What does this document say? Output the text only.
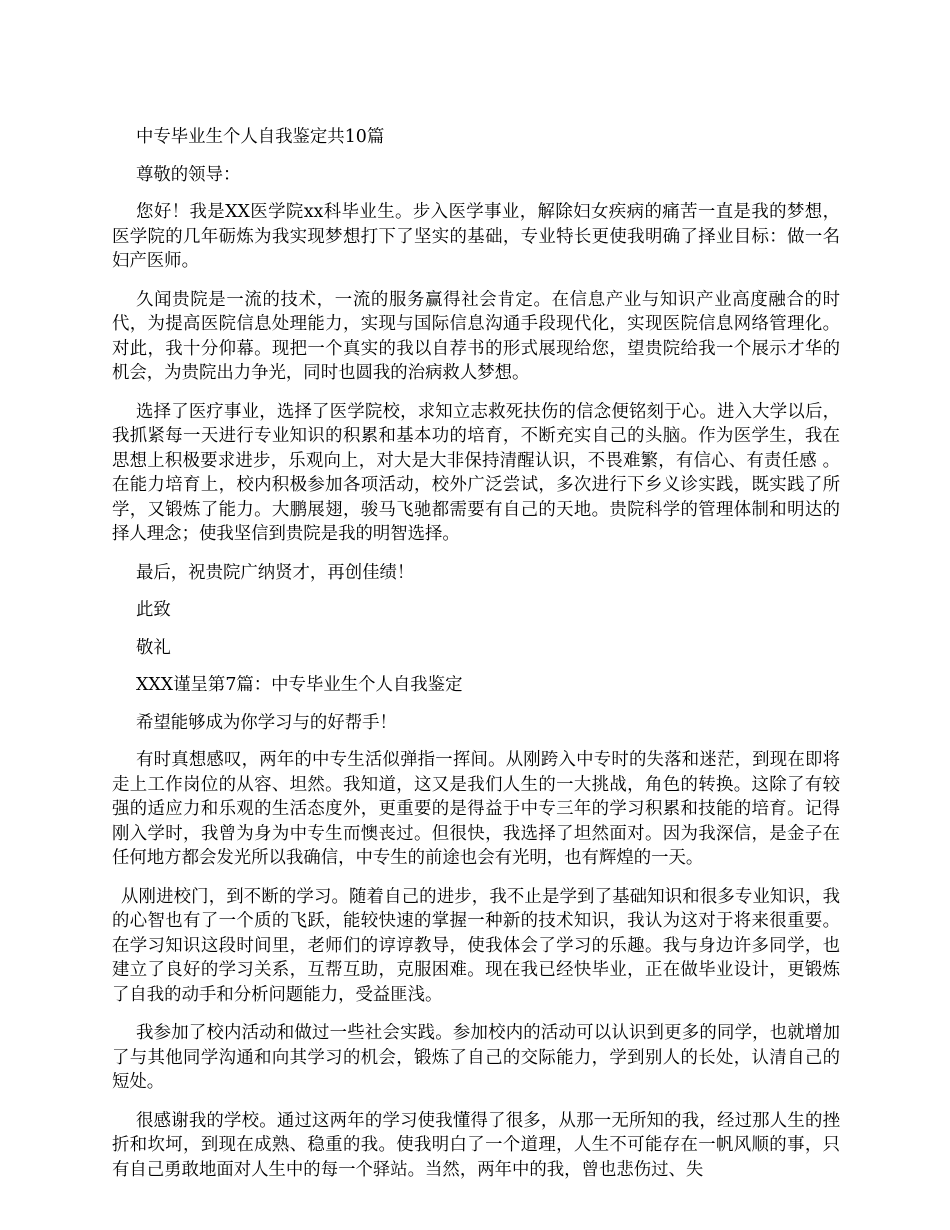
中专毕业生个人自我鉴定共10篇

尊敬的领导：

您好！我是XX医学院xx科毕业生。步入医学事业，解除妇女疾病的痛苦一直是我的梦想，医学院的几年砺炼为我实现梦想打下了坚实的基础，专业特长更使我明确了择业目标：做一名妇产医师。

久闻贵院是一流的技术，一流的服务赢得社会肯定。在信息产业与知识产业高度融合的时代，为提高医院信息处理能力，实现与国际信息沟通手段现代化，实现医院信息网络管理化。对此，我十分仰幕。现把一个真实的我以自荐书的形式展现给您，望贵院给我一个展示才华的机会，为贵院出力争光，同时也圆我的治病救人梦想。

选择了医疗事业，选择了医学院校，求知立志救死扶伤的信念便铭刻于心。进入大学以后，我抓紧每一天进行专业知识的积累和基本功的培育，不断充实自己的头脑。作为医学生，我在思想上积极要求进步，乐观向上，对大是大非保持清醒认识，不畏难繁，有信心、有责任感 。在能力培育上，校内积极参加各项活动，校外广泛尝试，多次进行下乡义诊实践，既实践了所学，又锻炼了能力。大鹏展翅，骏马飞驰都需要有自己的天地。贵院科学的管理体制和明达的择人理念；使我坚信到贵院是我的明智选择。

最后，祝贵院广纳贤才，再创佳绩！

此致

敬礼

XXX谨呈第7篇：中专毕业生个人自我鉴定

希望能够成为你学习与的好帮手！

有时真想感叹，两年的中专生活似弹指一挥间。从刚跨入中专时的失落和迷茫，到现在即将走上工作岗位的从容、坦然。我知道，这又是我们人生的一大挑战，角色的转换。这除了有较强的适应力和乐观的生活态度外，更重要的是得益于中专三年的学习积累和技能的培育。记得刚入学时，我曾为身为中专生而懊丧过。但很快，我选择了坦然面对。因为我深信，是金子在任何地方都会发光所以我确信，中专生的前途也会有光明，也有辉煌的一天。

从刚进校门，到不断的学习。随着自己的进步，我不止是学到了基础知识和很多专业知识，我的心智也有了一个质的飞跃，能较快速的掌握一种新的技术知识，我认为这对于将来很重要。在学习知识这段时间里，老师们的谆谆教导，使我体会了学习的乐趣。我与身边许多同学，也建立了良好的学习关系，互帮互助，克服困难。现在我已经快毕业，正在做毕业设计，更锻炼了自我的动手和分析问题能力，受益匪浅。

我参加了校内活动和做过一些社会实践。参加校内的活动可以认识到更多的同学，也就增加了与其他同学沟通和向其学习的机会，锻炼了自己的交际能力，学到别人的长处，认清自己的短处。

很感谢我的学校。通过这两年的学习使我懂得了很多，从那一无所知的我，经过那人生的挫折和坎坷，到现在成熟、稳重的我。使我明白了一个道理，人生不可能存在一帆风顺的事，只有自己勇敢地面对人生中的每一个驿站。当然，两年中的我，曾也悲伤过、失
